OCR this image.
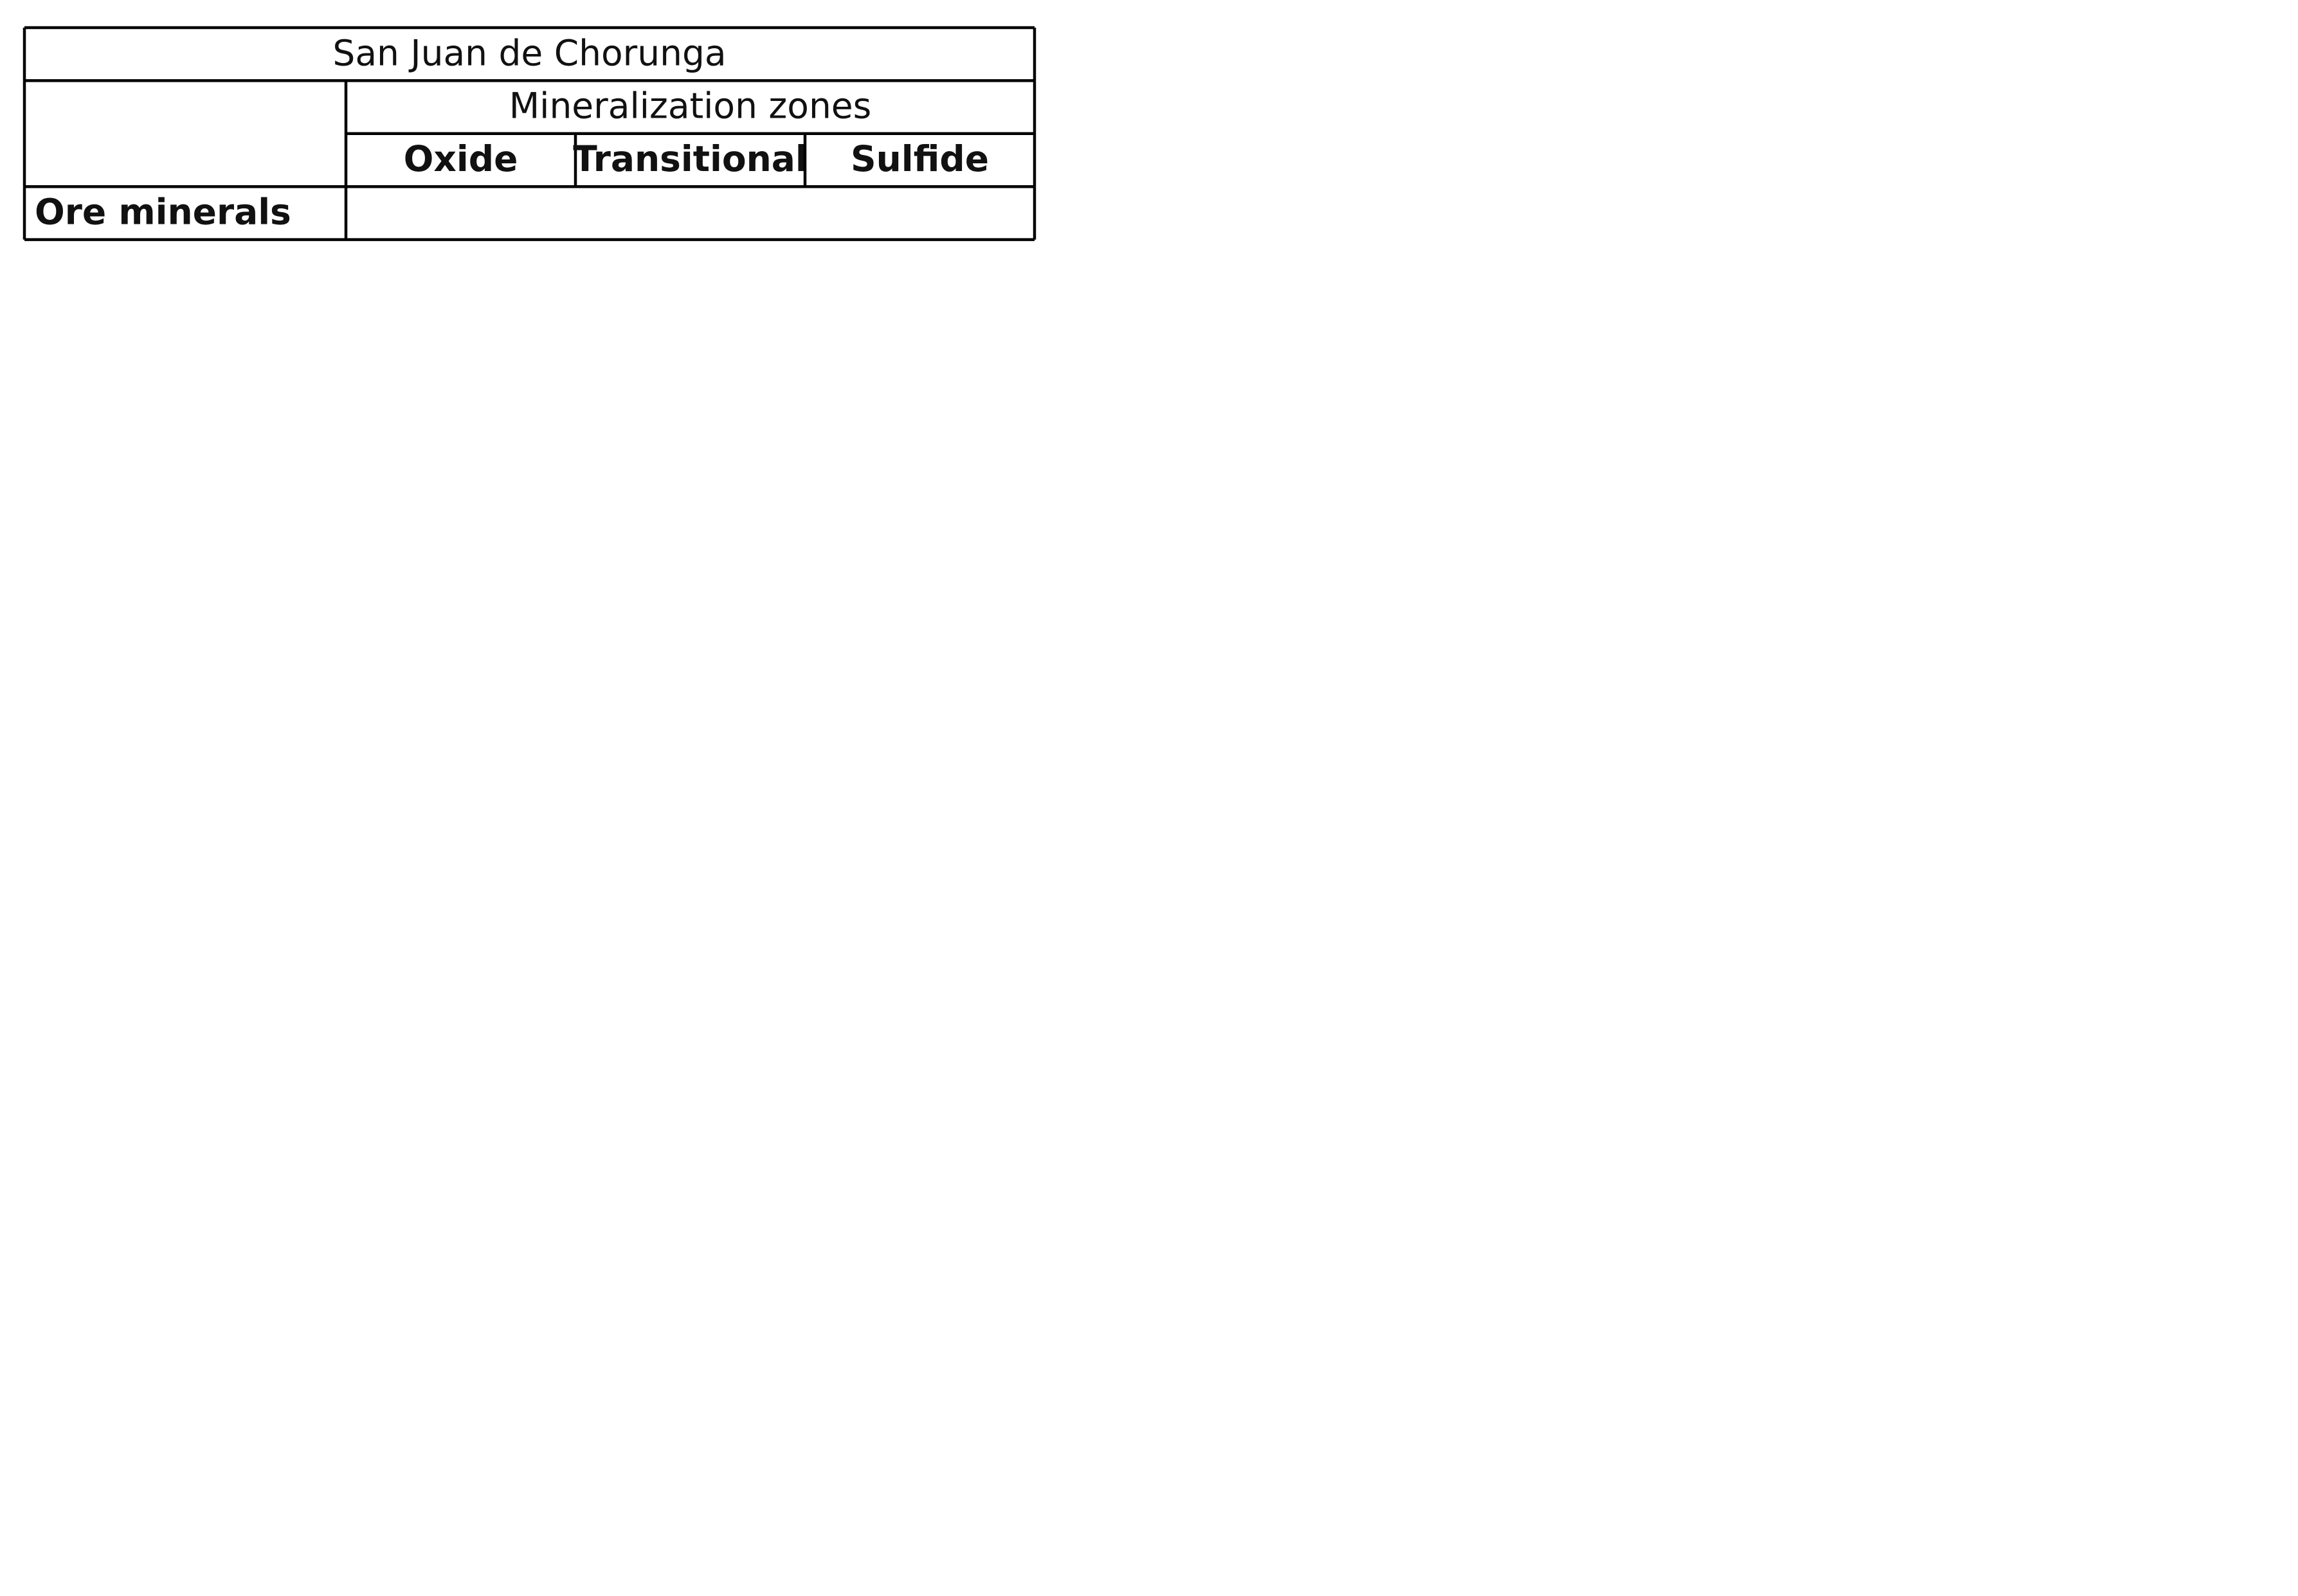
San Juan de Chorunga
Mineralization zones
Oxide Transitional Sulfide
Ore minerals
